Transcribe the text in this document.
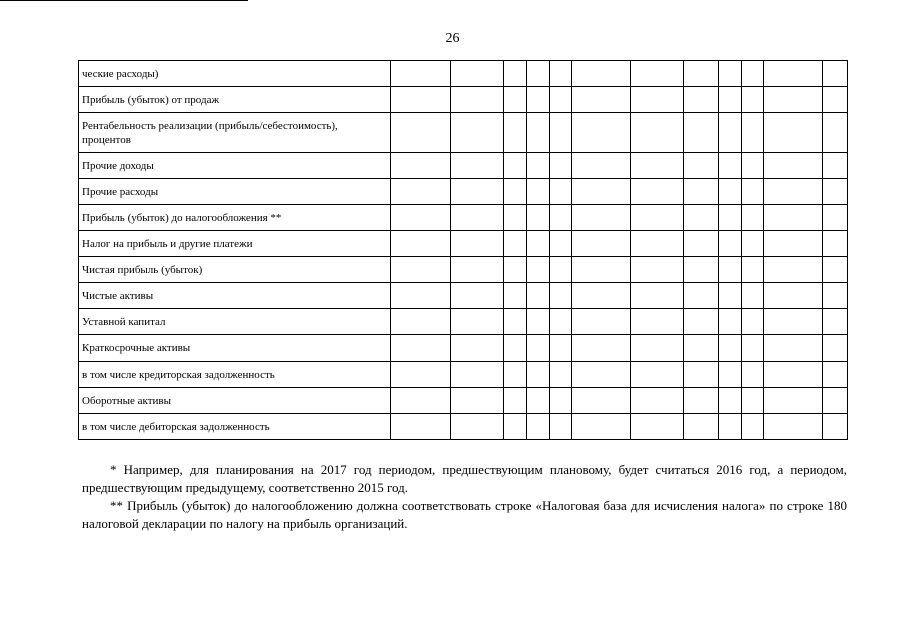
26
ческие расходы)												
Прибыль (убыток) от продаж												
Рентабельность реализации (прибыль/себестоимость), процентов												
Прочие доходы												
Прочие расходы												
Прибыль (убыток) до налогообложения **												
Налог на прибыль и другие платежи												
Чистая прибыль (убыток)												
Чистые активы												
Уставной капитал												
Краткосрочные активы												
в том числе кредиторская задолженность												
Оборотные активы												
в том числе дебиторская задолженность												

* Например, для планирования на 2017 год периодом, предшествующим плановому, будет считаться 2016 год, а периодом, предшествующим предыдущему, соответственно 2015 год.

** Прибыль (убыток) до налогообложению должна соответствовать строке «Налоговая база для исчисления налога» по строке 180 налоговой декларации по налогу на прибыль организаций.
